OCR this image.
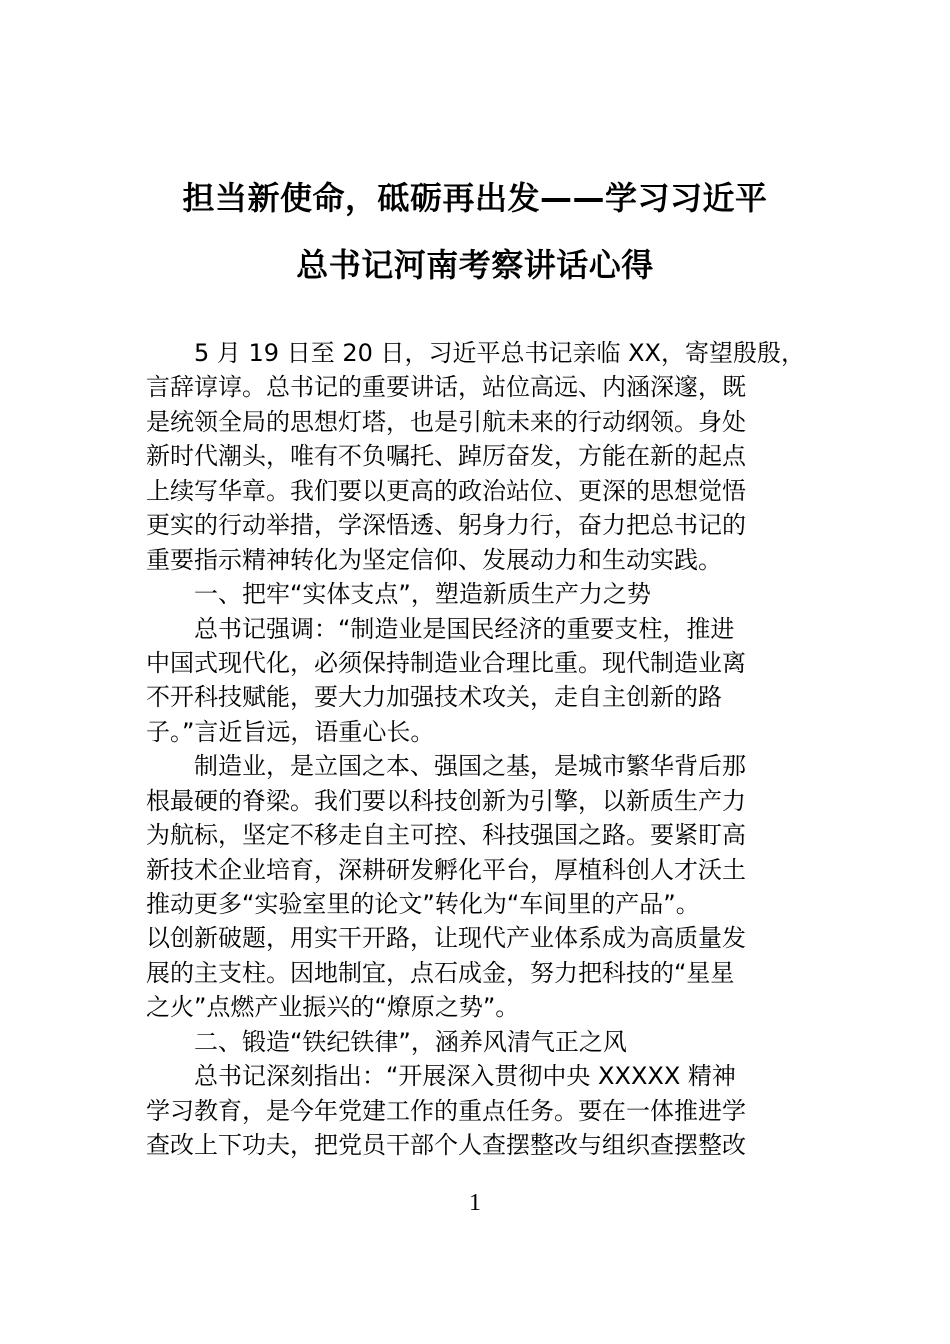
担当新使命，砥砺再出发——学习习近平
总书记河南考察讲话心得
5 月 19 日至 20 日，习近平总书记亲临 XX，寄望殷殷，
言辞谆谆。总书记的重要讲话，站位高远、内涵深邃，既
是统领全局的思想灯塔，也是引航未来的行动纲领。身处
新时代潮头，唯有不负嘱托、踔厉奋发，方能在新的起点
上续写华章。我们要以更高的政治站位、更深的思想觉悟
更实的行动举措，学深悟透、躬身力行，奋力把总书记的
重要指示精神转化为坚定信仰、发展动力和生动实践。
一、把牢“实体支点”，塑造新质生产力之势
总书记强调：“制造业是国民经济的重要支柱，推进
中国式现代化，必须保持制造业合理比重。现代制造业离
不开科技赋能，要大力加强技术攻关，走自主创新的路
子。”言近旨远，语重心长。
制造业，是立国之本、强国之基，是城市繁华背后那
根最硬的脊梁。我们要以科技创新为引擎，以新质生产力
为航标，坚定不移走自主可控、科技强国之路。要紧盯高
新技术企业培育，深耕研发孵化平台，厚植科创人才沃土
推动更多“实验室里的论文”转化为“车间里的产品”。
以创新破题，用实干开路，让现代产业体系成为高质量发
展的主支柱。因地制宜，点石成金，努力把科技的“星星
之火”点燃产业振兴的“燎原之势”。
二、锻造“铁纪铁律”，涵养风清气正之风
总书记深刻指出：“开展深入贯彻中央 XXXXX 精神
学习教育，是今年党建工作的重点任务。要在一体推进学
查改上下功夫，把党员干部个人查摆整改与组织查摆整改
1
